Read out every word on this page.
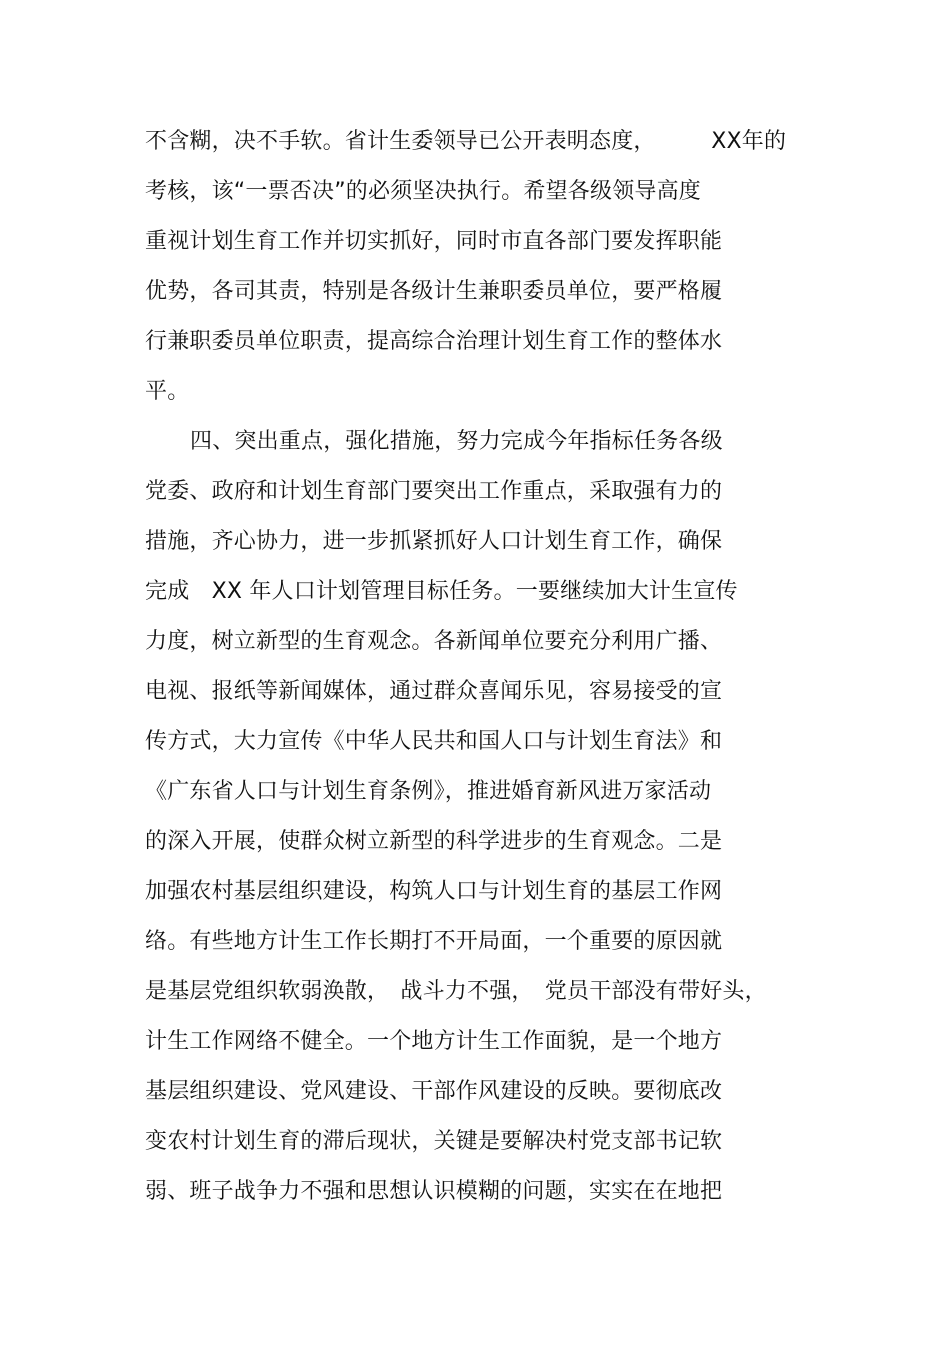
不含糊，决不手软。省计生委领导已公开表明态度，　　　XX年的

考核，该“一票否决”的必须坚决执行。希望各级领导高度

重视计划生育工作并切实抓好，同时市直各部门要发挥职能

优势，各司其责，特别是各级计生兼职委员单位，要严格履

行兼职委员单位职责，提高综合治理计划生育工作的整体水

平。

四、突出重点，强化措施，努力完成今年指标任务各级

党委、政府和计划生育部门要突出工作重点，采取强有力的

措施，齐心协力，进一步抓紧抓好人口计划生育工作，确保

完成　XX 年人口计划管理目标任务。一要继续加大计生宣传

力度，树立新型的生育观念。各新闻单位要充分利用广播、

电视、报纸等新闻媒体，通过群众喜闻乐见，容易接受的宣

传方式，大力宣传《中华人民共和国人口与计划生育法》和

《广东省人口与计划生育条例》，推进婚育新风进万家活动

的深入开展，使群众树立新型的科学进步的生育观念。二是

加强农村基层组织建设，构筑人口与计划生育的基层工作网

络。有些地方计生工作长期打不开局面，一个重要的原因就

是基层党组织软弱涣散，　战斗力不强，　党员干部没有带好头，

计生工作网络不健全。一个地方计生工作面貌，是一个地方

基层组织建设、党风建设、干部作风建设的反映。要彻底改

变农村计划生育的滞后现状，关键是要解决村党支部书记软

弱、班子战争力不强和思想认识模糊的问题，实实在在地把
